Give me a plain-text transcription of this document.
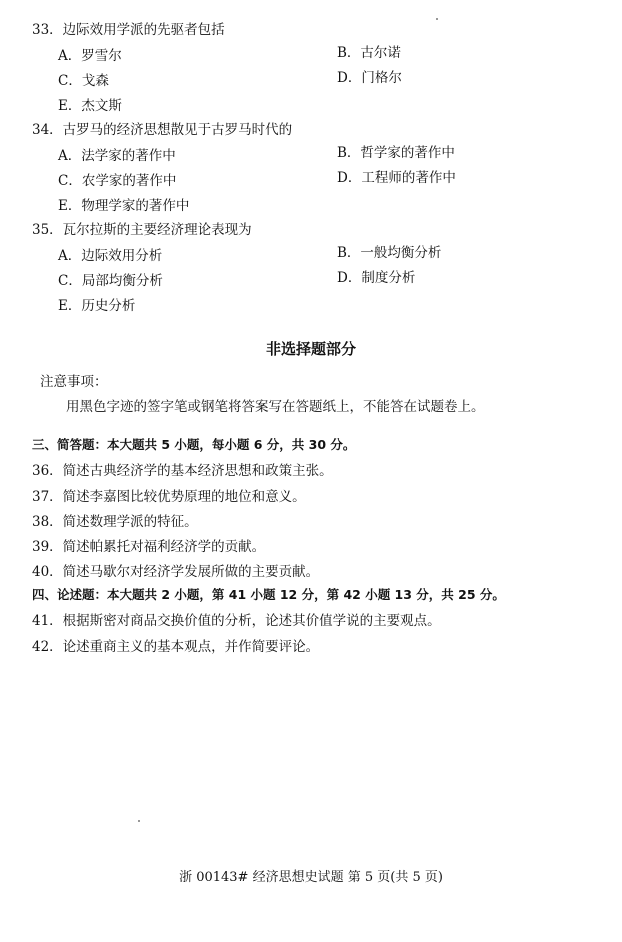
33．边际效用学派的先驱者包括
A．罗雪尔	B．古尔诺
C．戈森	D．门格尔
E．杰文斯
34．古罗马的经济思想散见于古罗马时代的
A．法学家的著作中	B．哲学家的著作中
C．农学家的著作中	D．工程师的著作中
E．物理学家的著作中
35．瓦尔拉斯的主要经济理论表现为
A．边际效用分析	B．一般均衡分析
C．局部均衡分析	D．制度分析
E．历史分析
非选择题部分
注意事项：
用黑色字迹的签字笔或钢笔将答案写在答题纸上，不能答在试题卷上。
三、简答题：本大题共 5 小题，每小题 6 分，共 30 分。
36．简述古典经济学的基本经济思想和政策主张。
37．简述李嘉图比较优势原理的地位和意义。
38．简述数理学派的特征。
39．简述帕累托对福利经济学的贡献。
40．简述马歇尔对经济学发展所做的主要贡献。
四、论述题：本大题共 2 小题，第 41 小题 12 分，第 42 小题 13 分，共 25 分。
41．根据斯密对商品交换价值的分析，论述其价值学说的主要观点。
42．论述重商主义的基本观点，并作简要评论。
浙 00143# 经济思想史试题 第 5 页(共 5 页)
